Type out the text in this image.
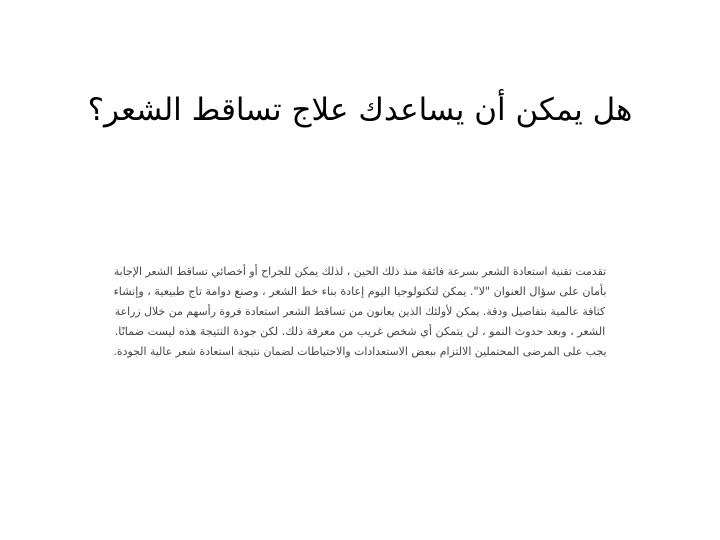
هل يمكن أن يساعدك علاج تساقط الشعر؟
تقدمت تقنية استعادة الشعر بسرعة فائقة منذ ذلك الحين ، لذلك يمكن للجراح أو أخصائي تساقط الشعر الإجابة
بأمان على سؤال العنوان "لا". يمكن لتكنولوجيا اليوم إعادة بناء خط الشعر ، وصنع دوامة تاج طبيعية ، وإنشاء
كثافة عالمية بتفاصيل ودقة. يمكن لأولئك الذين يعانون من تساقط الشعر استعادة فروة رأسهم من خلال زراعة
الشعر ، وبعد حدوث النمو ، لن يتمكن أي شخص غريب من معرفة ذلك. لكن جودة النتيجة هذه ليست ضمانًا.
يجب على المرضى المحتملين الالتزام ببعض الاستعدادات والاحتياطات لضمان نتيجة استعادة شعر عالية الجودة.
